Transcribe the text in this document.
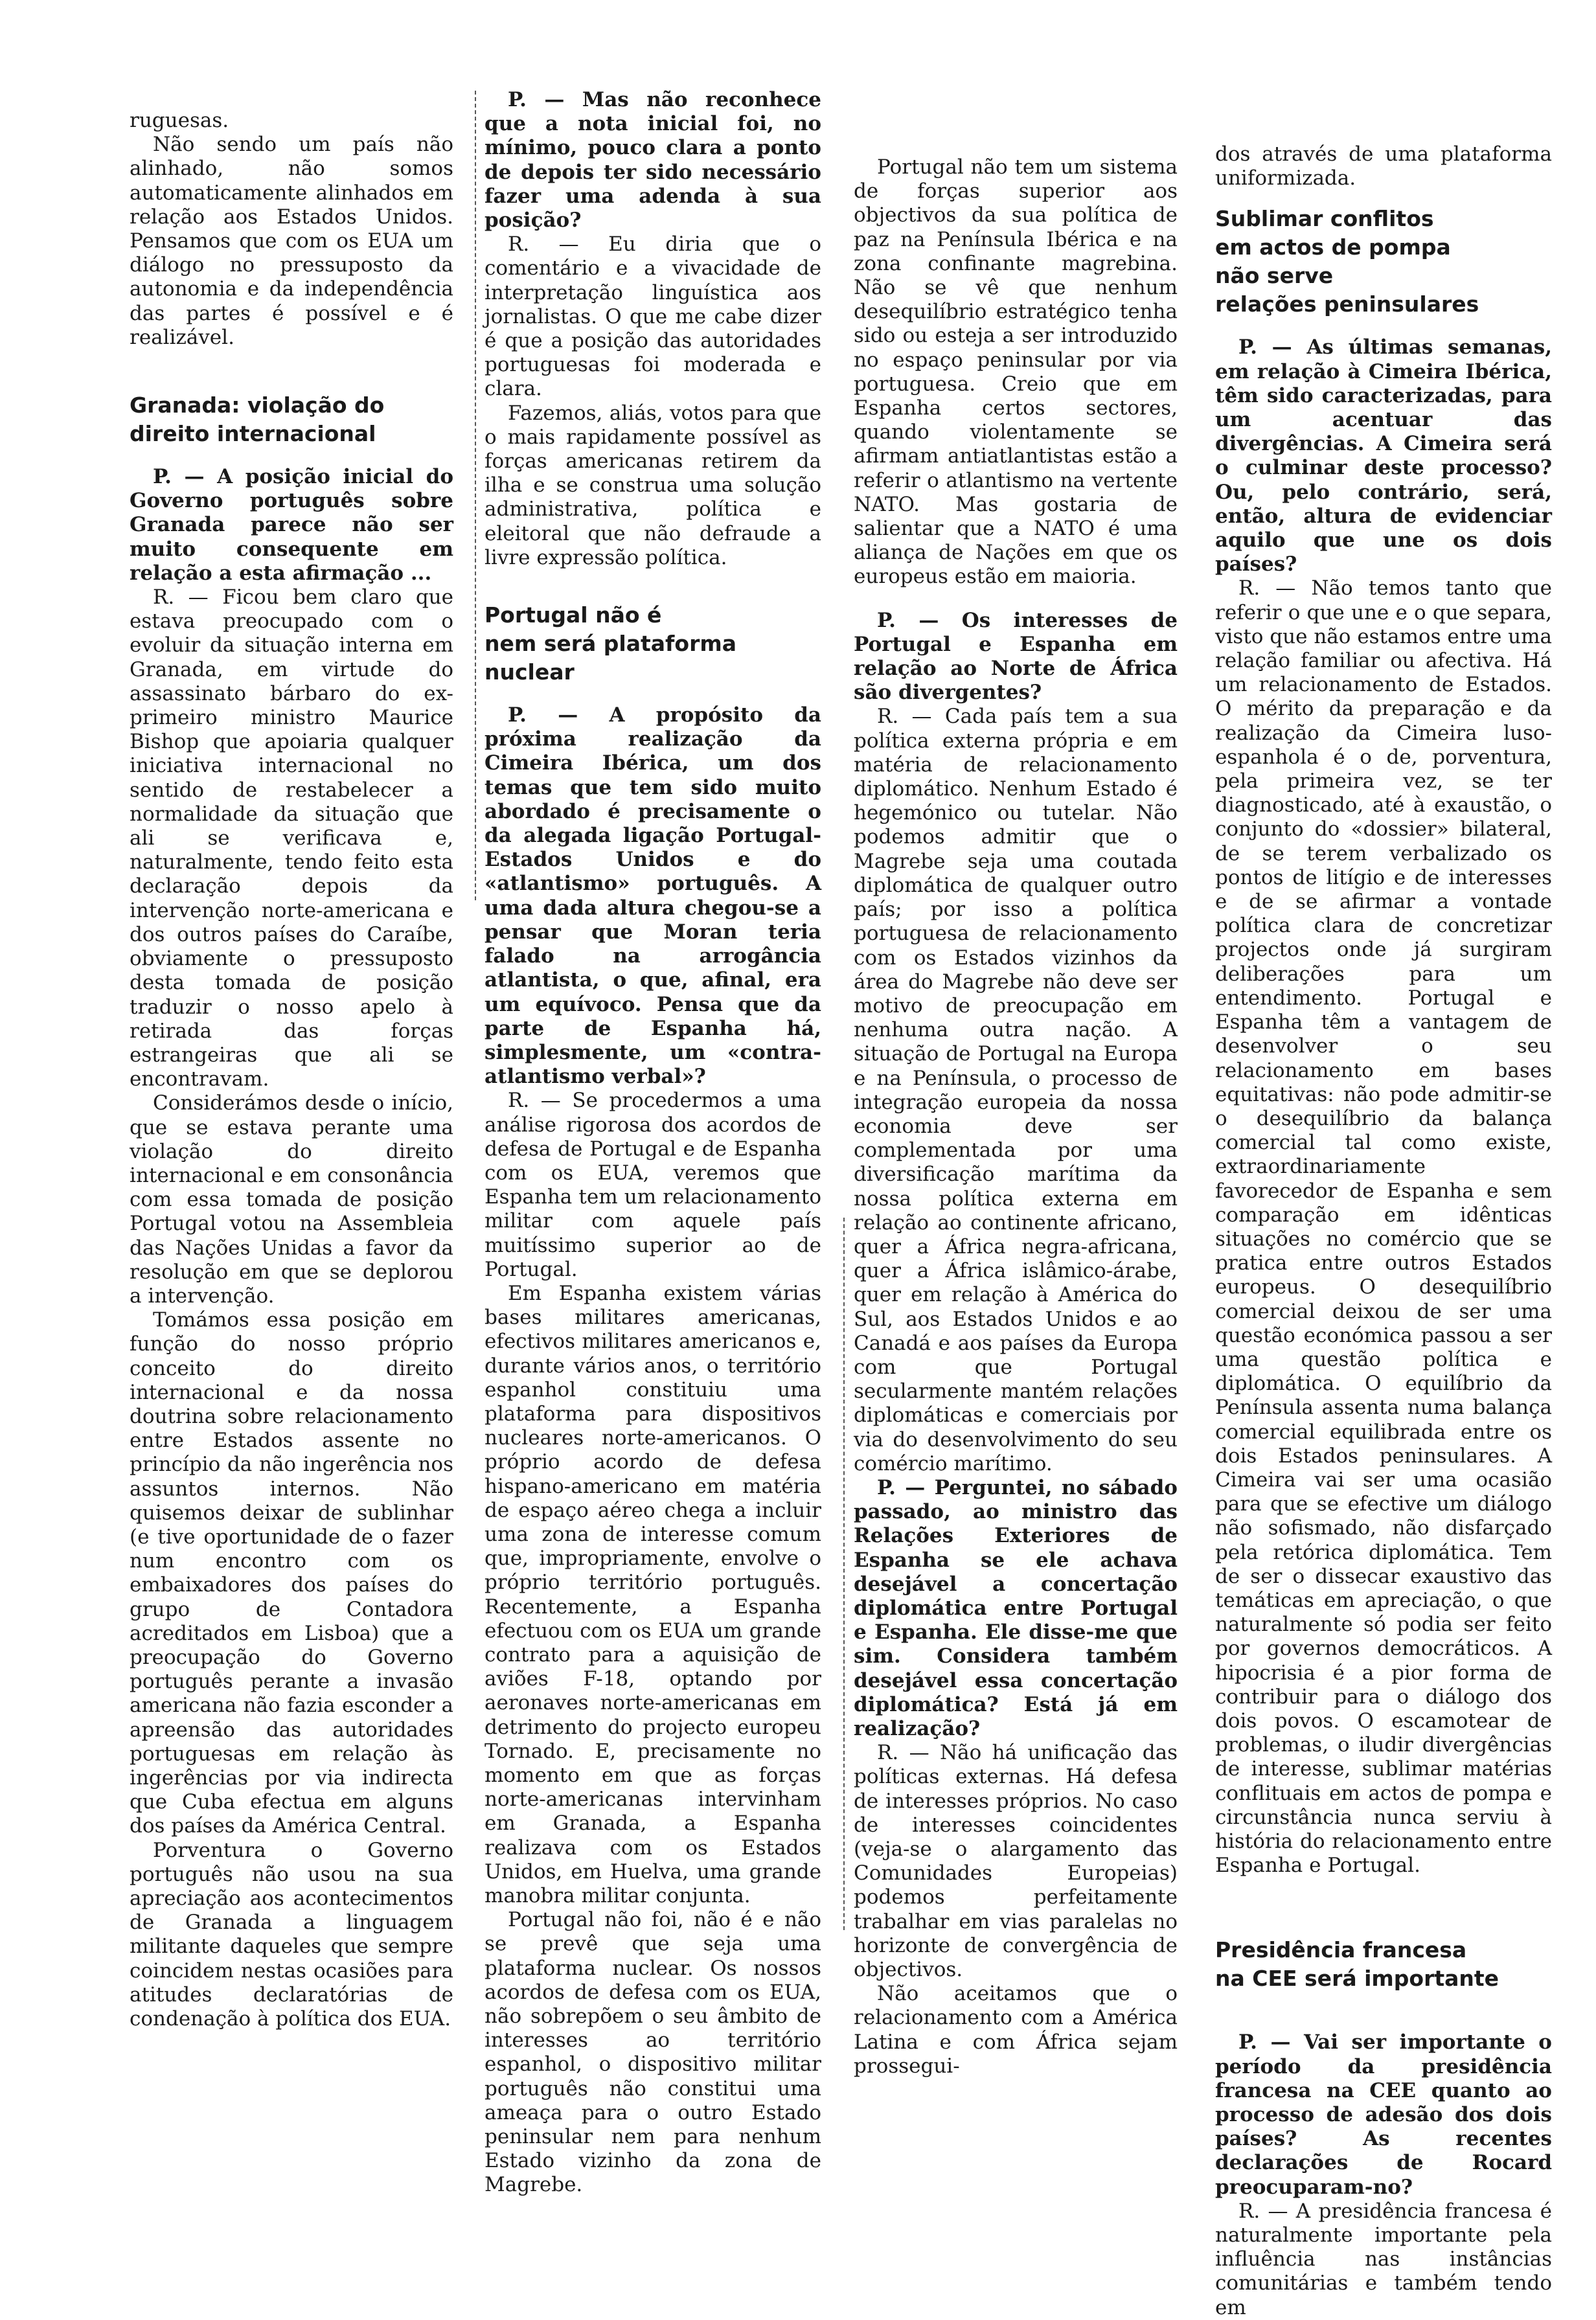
ruguesas.

Não sendo um país não alinhado, não somos automaticamente alinhados em relação aos Estados Unidos. Pensamos que com os EUA um diálogo no pressuposto da autonomia e da independência das partes é possível e é realizável.

Granada: violação do
direito internacional

P. — A posição inicial do Governo português sobre Granada parece não ser muito consequente em relação a esta afirmação ...

R. — Ficou bem claro que estava preocupado com o evoluir da situação interna em Granada, em virtude do assassinato bárbaro do ex-primeiro ministro Maurice Bishop que apoiaria qualquer iniciativa internacional no sentido de restabelecer a normalidade da situação que ali se verificava e, naturalmente, tendo feito esta declaração depois da intervenção norte-americana e dos outros países do Caraíbe, obviamente o pressuposto desta tomada de posição traduzir o nosso apelo à retirada das forças estrangeiras que ali se encontravam.

Considerámos desde o início, que se estava perante uma violação do direito internacional e em consonância com essa tomada de posição Portugal votou na Assembleia das Nações Unidas a favor da resolução em que se deplorou a intervenção.

Tomámos essa posição em função do nosso próprio conceito do direito internacional e da nossa doutrina sobre relacionamento entre Estados assente no princípio da não ingerência nos assuntos internos. Não quisemos deixar de sublinhar (e tive oportunidade de o fazer num encontro com os embaixadores dos países do grupo de Contadora acreditados em Lisboa) que a preocupação do Governo português perante a invasão americana não fazia esconder a apreensão das autoridades portuguesas em relação às ingerências por via indirecta que Cuba efectua em alguns dos países da América Central.

Porventura o Governo português não usou na sua apreciação aos acontecimentos de Granada a linguagem militante daqueles que sempre coincidem nestas ocasiões para atitudes declaratórias de condenação à política dos EUA.

P. — Mas não reconhece que a nota inicial foi, no mínimo, pouco clara a ponto de depois ter sido necessário fazer uma adenda à sua posição?

R. — Eu diria que o comentário e a vivacidade de interpretação linguística aos jornalistas. O que me cabe dizer é que a posição das autoridades portuguesas foi moderada e clara.

Fazemos, aliás, votos para que o mais rapidamente possível as forças americanas retirem da ilha e se construa uma solução administrativa, política e eleitoral que não defraude a livre expressão política.

Portugal não é
nem será plataforma
nuclear

P. — A propósito da próxima realização da Cimeira Ibérica, um dos temas que tem sido muito abordado é precisamente o da alegada ligação Portugal-Estados Unidos e do «atlantismo» português. A uma dada altura chegou-se a pensar que Moran teria falado na arrogância atlantista, o que, afinal, era um equívoco. Pensa que da parte de Espanha há, simplesmente, um «contra-atlantismo verbal»?

R. — Se procedermos a uma análise rigorosa dos acordos de defesa de Portugal e de Espanha com os EUA, veremos que Espanha tem um relacionamento militar com aquele país muitíssimo superior ao de Portugal.

Em Espanha existem várias bases militares americanas, efectivos militares americanos e, durante vários anos, o território espanhol constituiu uma plataforma para dispositivos nucleares norte-americanos. O próprio acordo de defesa hispano-americano em matéria de espaço aéreo chega a incluir uma zona de interesse comum que, impropriamente, envolve o próprio território português. Recentemente, a Espanha efectuou com os EUA um grande contrato para a aquisição de aviões F-18, optando por aeronaves norte-americanas em detrimento do projecto europeu Tornado. E, precisamente no momento em que as forças norte-americanas intervinham em Granada, a Espanha realizava com os Estados Unidos, em Huelva, uma grande manobra militar conjunta.

Portugal não foi, não é e não se prevê que seja uma plataforma nuclear. Os nossos acordos de defesa com os EUA, não sobrepõem o seu âmbito de interesses ao território espanhol, o dispositivo militar português não constitui uma ameaça para o outro Estado peninsular nem para nenhum Estado vizinho da zona de Magrebe.

Portugal não tem um sistema de forças superior aos objectivos da sua política de paz na Península Ibérica e na zona confinante magrebina. Não se vê que nenhum desequilíbrio estratégico tenha sido ou esteja a ser introduzido no espaço peninsular por via portuguesa. Creio que em Espanha certos sectores, quando violentamente se afirmam antiatlantistas estão a referir o atlantismo na vertente NATO. Mas gostaria de salientar que a NATO é uma aliança de Nações em que os europeus estão em maioria.

P. — Os interesses de Portugal e Espanha em relação ao Norte de África são divergentes?

R. — Cada país tem a sua política externa própria e em matéria de relacionamento diplomático. Nenhum Estado é hegemónico ou tutelar. Não podemos admitir que o Magrebe seja uma coutada diplomática de qualquer outro país; por isso a política portuguesa de relacionamento com os Estados vizinhos da área do Magrebe não deve ser motivo de preocupação em nenhuma outra nação. A situação de Portugal na Europa e na Península, o processo de integração europeia da nossa economia deve ser complementada por uma diversificação marítima da nossa política externa em relação ao continente africano, quer a África negra-africana, quer a África islâmico-árabe, quer em relação à América do Sul, aos Estados Unidos e ao Canadá e aos países da Europa com que Portugal secularmente mantém relações diplomáticas e comerciais por via do desenvolvimento do seu comércio marítimo.

P. — Perguntei, no sábado passado, ao ministro das Relações Exteriores de Espanha se ele achava desejável a concertação diplomática entre Portugal e Espanha. Ele disse-me que sim. Considera também desejável essa concertação diplomática? Está já em realização?

R. — Não há unificação das políticas externas. Há defesa de interesses próprios. No caso de interesses coincidentes (veja-se o alargamento das Comunidades Europeias) podemos perfeitamente trabalhar em vias paralelas no horizonte de convergência de objectivos.

Não aceitamos que o relacionamento com a América Latina e com África sejam prossegui-

dos através de uma plataforma uniformizada.

Sublimar conflitos
em actos de pompa
não serve
relações peninsulares

P. — As últimas semanas, em relação à Cimeira Ibérica, têm sido caracterizadas, para um acentuar das divergências. A Cimeira será o culminar deste processo? Ou, pelo contrário, será, então, altura de evidenciar aquilo que une os dois países?

R. — Não temos tanto que referir o que une e o que separa, visto que não estamos entre uma relação familiar ou afectiva. Há um relacionamento de Estados. O mérito da preparação e da realização da Cimeira luso-espanhola é o de, porventura, pela primeira vez, se ter diagnosticado, até à exaustão, o conjunto do «dossier» bilateral, de se terem verbalizado os pontos de litígio e de interesses e de se afirmar a vontade política clara de concretizar projectos onde já surgiram deliberações para um entendimento. Portugal e Espanha têm a vantagem de desenvolver o seu relacionamento em bases equitativas: não pode admitir-se o desequilíbrio da balança comercial tal como existe, extraordinariamente favorecedor de Espanha e sem comparação em idênticas situações no comércio que se pratica entre outros Estados europeus. O desequilíbrio comercial deixou de ser uma questão económica passou a ser uma questão política e diplomática. O equilíbrio da Península assenta numa balança comercial equilibrada entre os dois Estados peninsulares. A Cimeira vai ser uma ocasião para que se efective um diálogo não sofismado, não disfarçado pela retórica diplomática. Tem de ser o dissecar exaustivo das temáticas em apreciação, o que naturalmente só podia ser feito por governos democráticos. A hipocrisia é a pior forma de contribuir para o diálogo dos dois povos. O escamotear de problemas, o iludir divergências de interesse, sublimar matérias conflituais em actos de pompa e circunstância nunca serviu à história do relacionamento entre Espanha e Portugal.

Presidência francesa
na CEE será importante

P. — Vai ser importante o período da presidência francesa na CEE quanto ao processo de adesão dos dois países? As recentes declarações de Rocard preocuparam-no?

R. — A presidência francesa é naturalmente importante pela influência nas instâncias comunitárias e também tendo em
